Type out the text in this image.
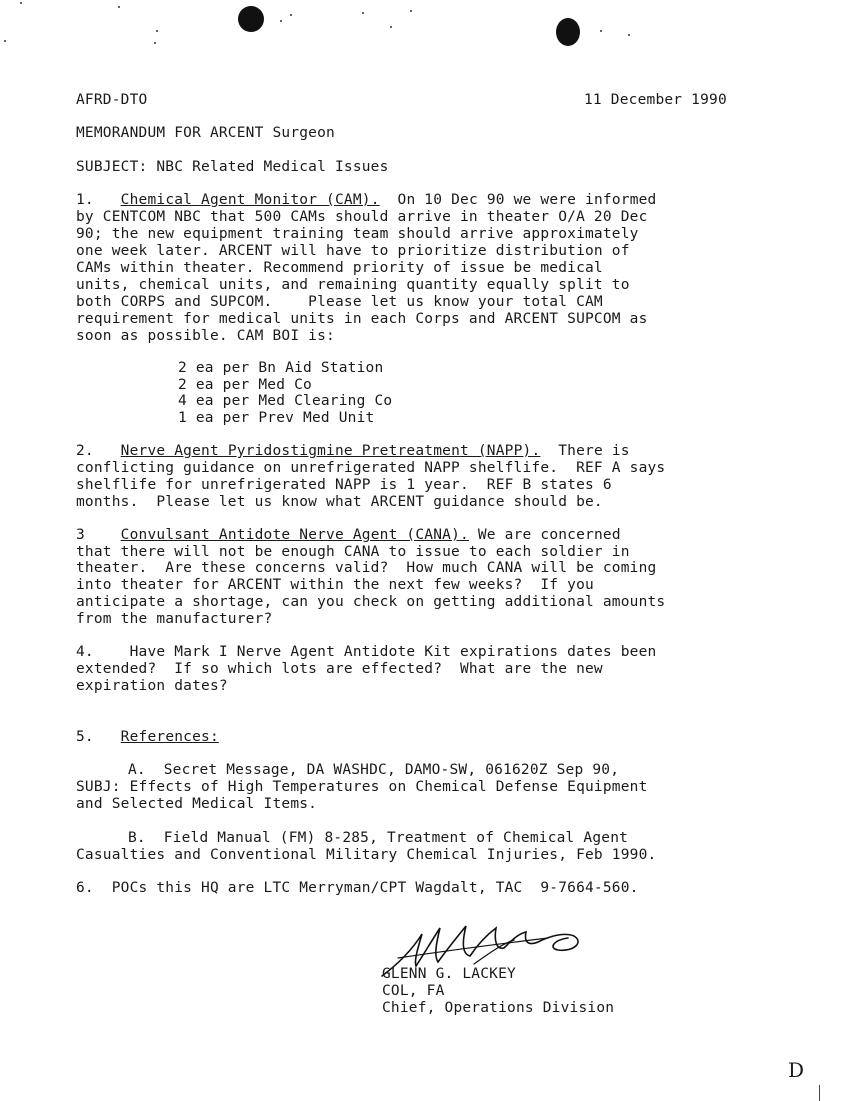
AFRD-DTO	11 December 1990
MEMORANDUM FOR ARCENT Surgeon
SUBJECT: NBC Related Medical Issues
1. Chemical Agent Monitor (CAM). On 10 Dec 90 we were informed
by CENTCOM NBC that 500 CAMs should arrive in theater O/A 20 Dec
90; the new equipment training team should arrive approximately
one week later. ARCENT will have to prioritize distribution of
CAMs within theater. Recommend priority of issue be medical
units, chemical units, and remaining quantity equally split to
both CORPS and SUPCOM.    Please let us know your total CAM
requirement for medical units in each Corps and ARCENT SUPCOM as
soon as possible. CAM BOI is:
2 ea per Bn Aid Station
2 ea per Med Co
4 ea per Med Clearing Co
1 ea per Prev Med Unit
2. Nerve Agent Pyridostigmine Pretreatment (NAPP). There is
conflicting guidance on unrefrigerated NAPP shelflife.  REF A says
shelflife for unrefrigerated NAPP is 1 year.  REF B states 6
months.  Please let us know what ARCENT guidance should be.
3 Convulsant Antidote Nerve Agent (CANA). We are concerned
that there will not be enough CANA to issue to each soldier in
theater.  Are these concerns valid?  How much CANA will be coming
into theater for ARCENT within the next few weeks?  If you
anticipate a shortage, can you check on getting additional amounts
from the manufacturer?
4. Have Mark I Nerve Agent Antidote Kit expirations dates been
extended?  If so which lots are effected?  What are the new
expiration dates?
5. References:
A.  Secret Message, DA WASHDC, DAMO-SW, 061620Z Sep 90,
SUBJ: Effects of High Temperatures on Chemical Defense Equipment
and Selected Medical Items.
B.  Field Manual (FM) 8-285, Treatment of Chemical Agent
Casualties and Conventional Military Chemical Injuries, Feb 1990.
6.  POCs this HQ are LTC Merryman/CPT Wagdalt, TAC  9-7664-560.
GLENN G. LACKEY
COL, FA
Chief, Operations Division
D
